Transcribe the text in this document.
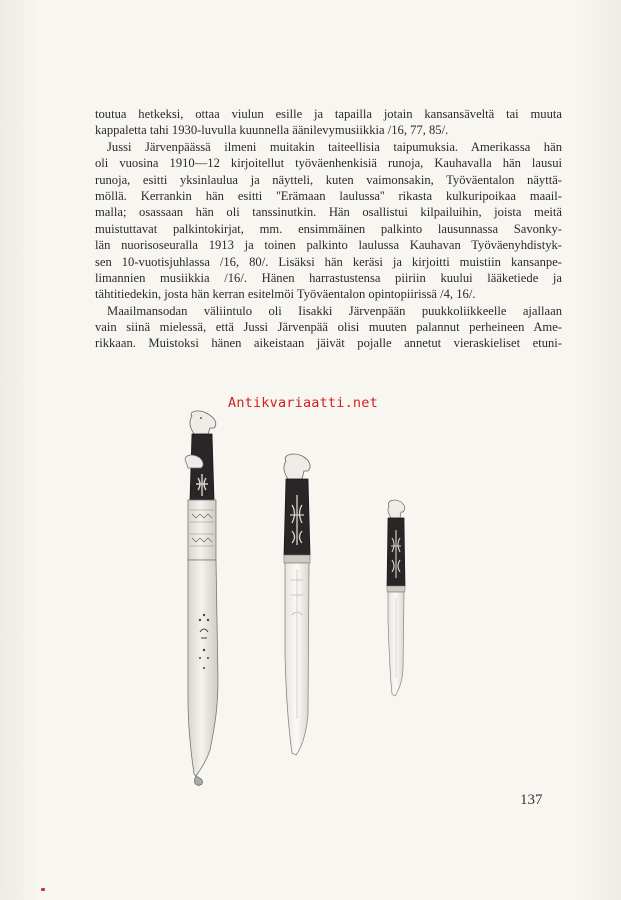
toutua hetkeksi, ottaa viulun esille ja tapailla jotain kansansäveltä tai muuta
kappaletta tahi 1930-luvulla kuunnella äänilevymusiikkia /16, 77, 85/.
Jussi Järvenpäässä ilmeni muitakin taiteellisia taipumuksia. Amerikassa hän
oli vuosina 1910—12 kirjoitellut työväenhenkisiä runoja, Kauhavalla hän lausui
runoja, esitti yksinlaulua ja näytteli, kuten vaimonsakin, Työväentalon näyttä-
möllä. Kerrankin hän esitti ''Erämaan laulussa'' rikasta kulkuripoikaa maail-
malla; osassaan hän oli tanssinutkin. Hän osallistui kilpailuihin, joista meitä
muistuttavat palkintokirjat, mm. ensimmäinen palkinto lausunnassa Savonky-
län nuorisoseuralla 1913 ja toinen palkinto laulussa Kauhavan Työväenyhdistyk-
sen 10-vuotisjuhlassa /16, 80/. Lisäksi hän keräsi ja kirjoitti muistiin kansanpe-
limannien musiikkia /16/. Hänen harrastustensa piiriin kuului lääketiede ja
tähtitiedekin, josta hän kerran esitelmöi Työväentalon opintopiirissä /4, 16/.
Maailmansodan väliintulo oli Iisakki Järvenpään puukkoliikkeelle ajallaan
vain siinä mielessä, että Jussi Järvenpää olisi muuten palannut perheineen Ame-
rikkaan. Muistoksi hänen aikeistaan jäivät pojalle annetut vieraskieliset etuni-
Antikvariaatti.net
137
